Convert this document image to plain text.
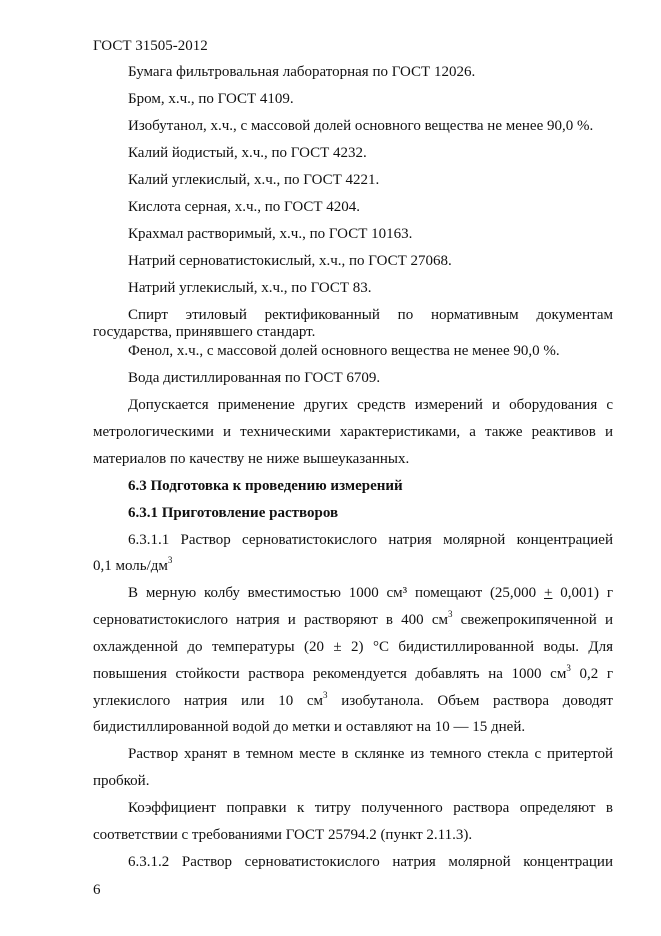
ГОСТ 31505-2012
Бумага фильтровальная лабораторная по ГОСТ 12026.
Бром, х.ч., по ГОСТ 4109.
Изобутанол, х.ч., с массовой долей основного вещества не менее 90,0 %.
Калий йодистый, х.ч., по ГОСТ 4232.
Калий углекислый, х.ч., по ГОСТ 4221.
Кислота серная, х.ч., по ГОСТ 4204.
Крахмал растворимый, х.ч., по ГОСТ 10163.
Натрий серноватистокислый, х.ч., по ГОСТ 27068.
Натрий углекислый, х.ч., по ГОСТ 83.
Спирт этиловый ректификованный по нормативным документам
государства, принявшего стандарт.
Фенол, х.ч., с массовой долей основного вещества не менее 90,0 %.
Вода дистиллированная по ГОСТ 6709.
Допускается применение других средств измерений и оборудования с
метрологическими и техническими характеристиками, а также реактивов и
материалов по качеству не ниже вышеуказанных.
6.3 Подготовка к проведению измерений
6.3.1 Приготовление растворов
6.3.1.1 Раствор серноватистокислого натрия молярной концентрацией
0,1 моль/$дм^3$
В мерную колбу вместимостью 1000 см³ помещают (25,000 + 0,001) г
серноватистокислого натрия и растворяют в 400 $см^3$ свежепрокипяченной и
охлажденной до температуры (20 ± 2) °С бидистиллированной воды. Для
повышения стойкости раствора рекомендуется добавлять на 1000 $см^3$ 0,2 г
углекислого натрия или 10 $см^3$ изобутанола. Объем раствора доводят
бидистиллированной водой до метки и оставляют на 10 — 15 дней.
Раствор хранят в темном месте в склянке из темного стекла с притертой
пробкой.
Коэффициент поправки к титру полученного раствора определяют в
соответствии с требованиями ГОСТ 25794.2 (пункт 2.11.3).
6.3.1.2 Раствор серноватистокислого натрия молярной концентрации
6
